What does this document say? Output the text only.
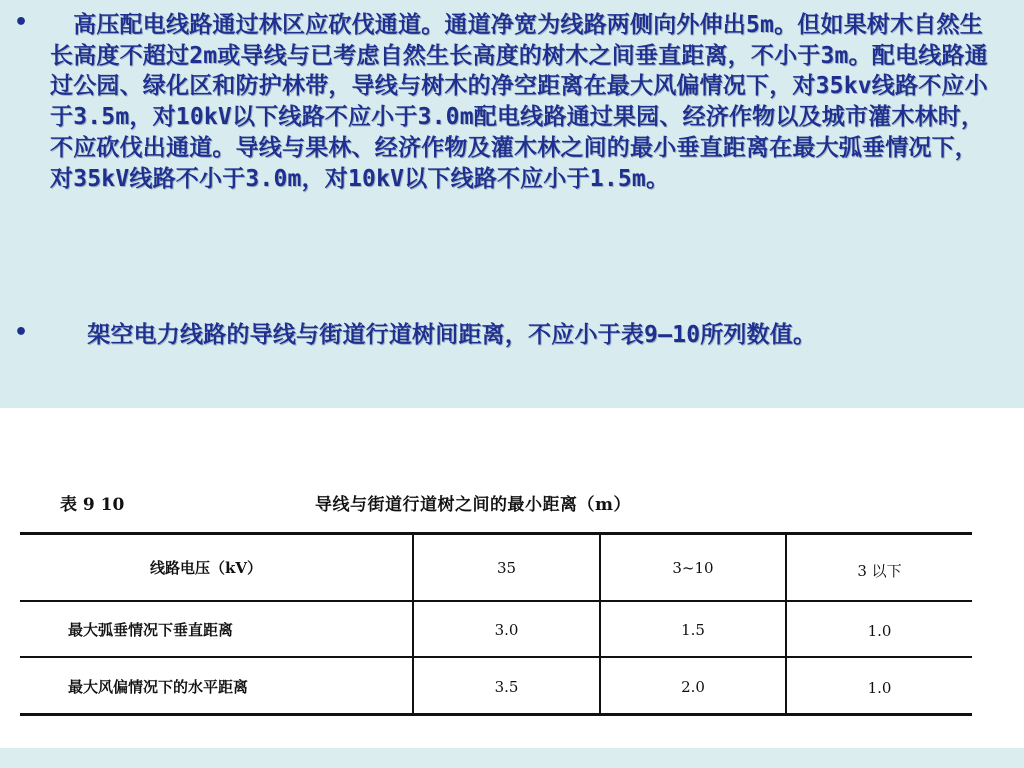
• 　高压配电线路通过林区应砍伐通道。通道净宽为线路两侧向外伸出5m。但如果树木自然生长高度不超过2m或导线与已考虑自然生长高度的树木之间垂直距离，不小于3m。配电线路通过公园、绿化区和防护林带，导线与树木的净空距离在最大风偏情况下，对35kv线路不应小于3.5m，对10kV以下线路不应小于3.0m配电线路通过果园、经济作物以及城市灌木林时，不应砍伐出通道。导线与果林、经济作物及灌木林之间的最小垂直距离在最大弧垂情况下，对35kV线路不小于3.0m，对10kV以下线路不应小于1.5m。
• 　 架空电力线路的导线与街道行道树间距离，不应小于表9—10所列数值。
表 9 10	导线与街道行道树之间的最小距离（m）
线路电压（kV）	35	3~10	3 以下
最大弧垂情况下垂直距离	3.0	1.5	1.0
最大风偏情况下的水平距离	3.5	2.0	1.0
